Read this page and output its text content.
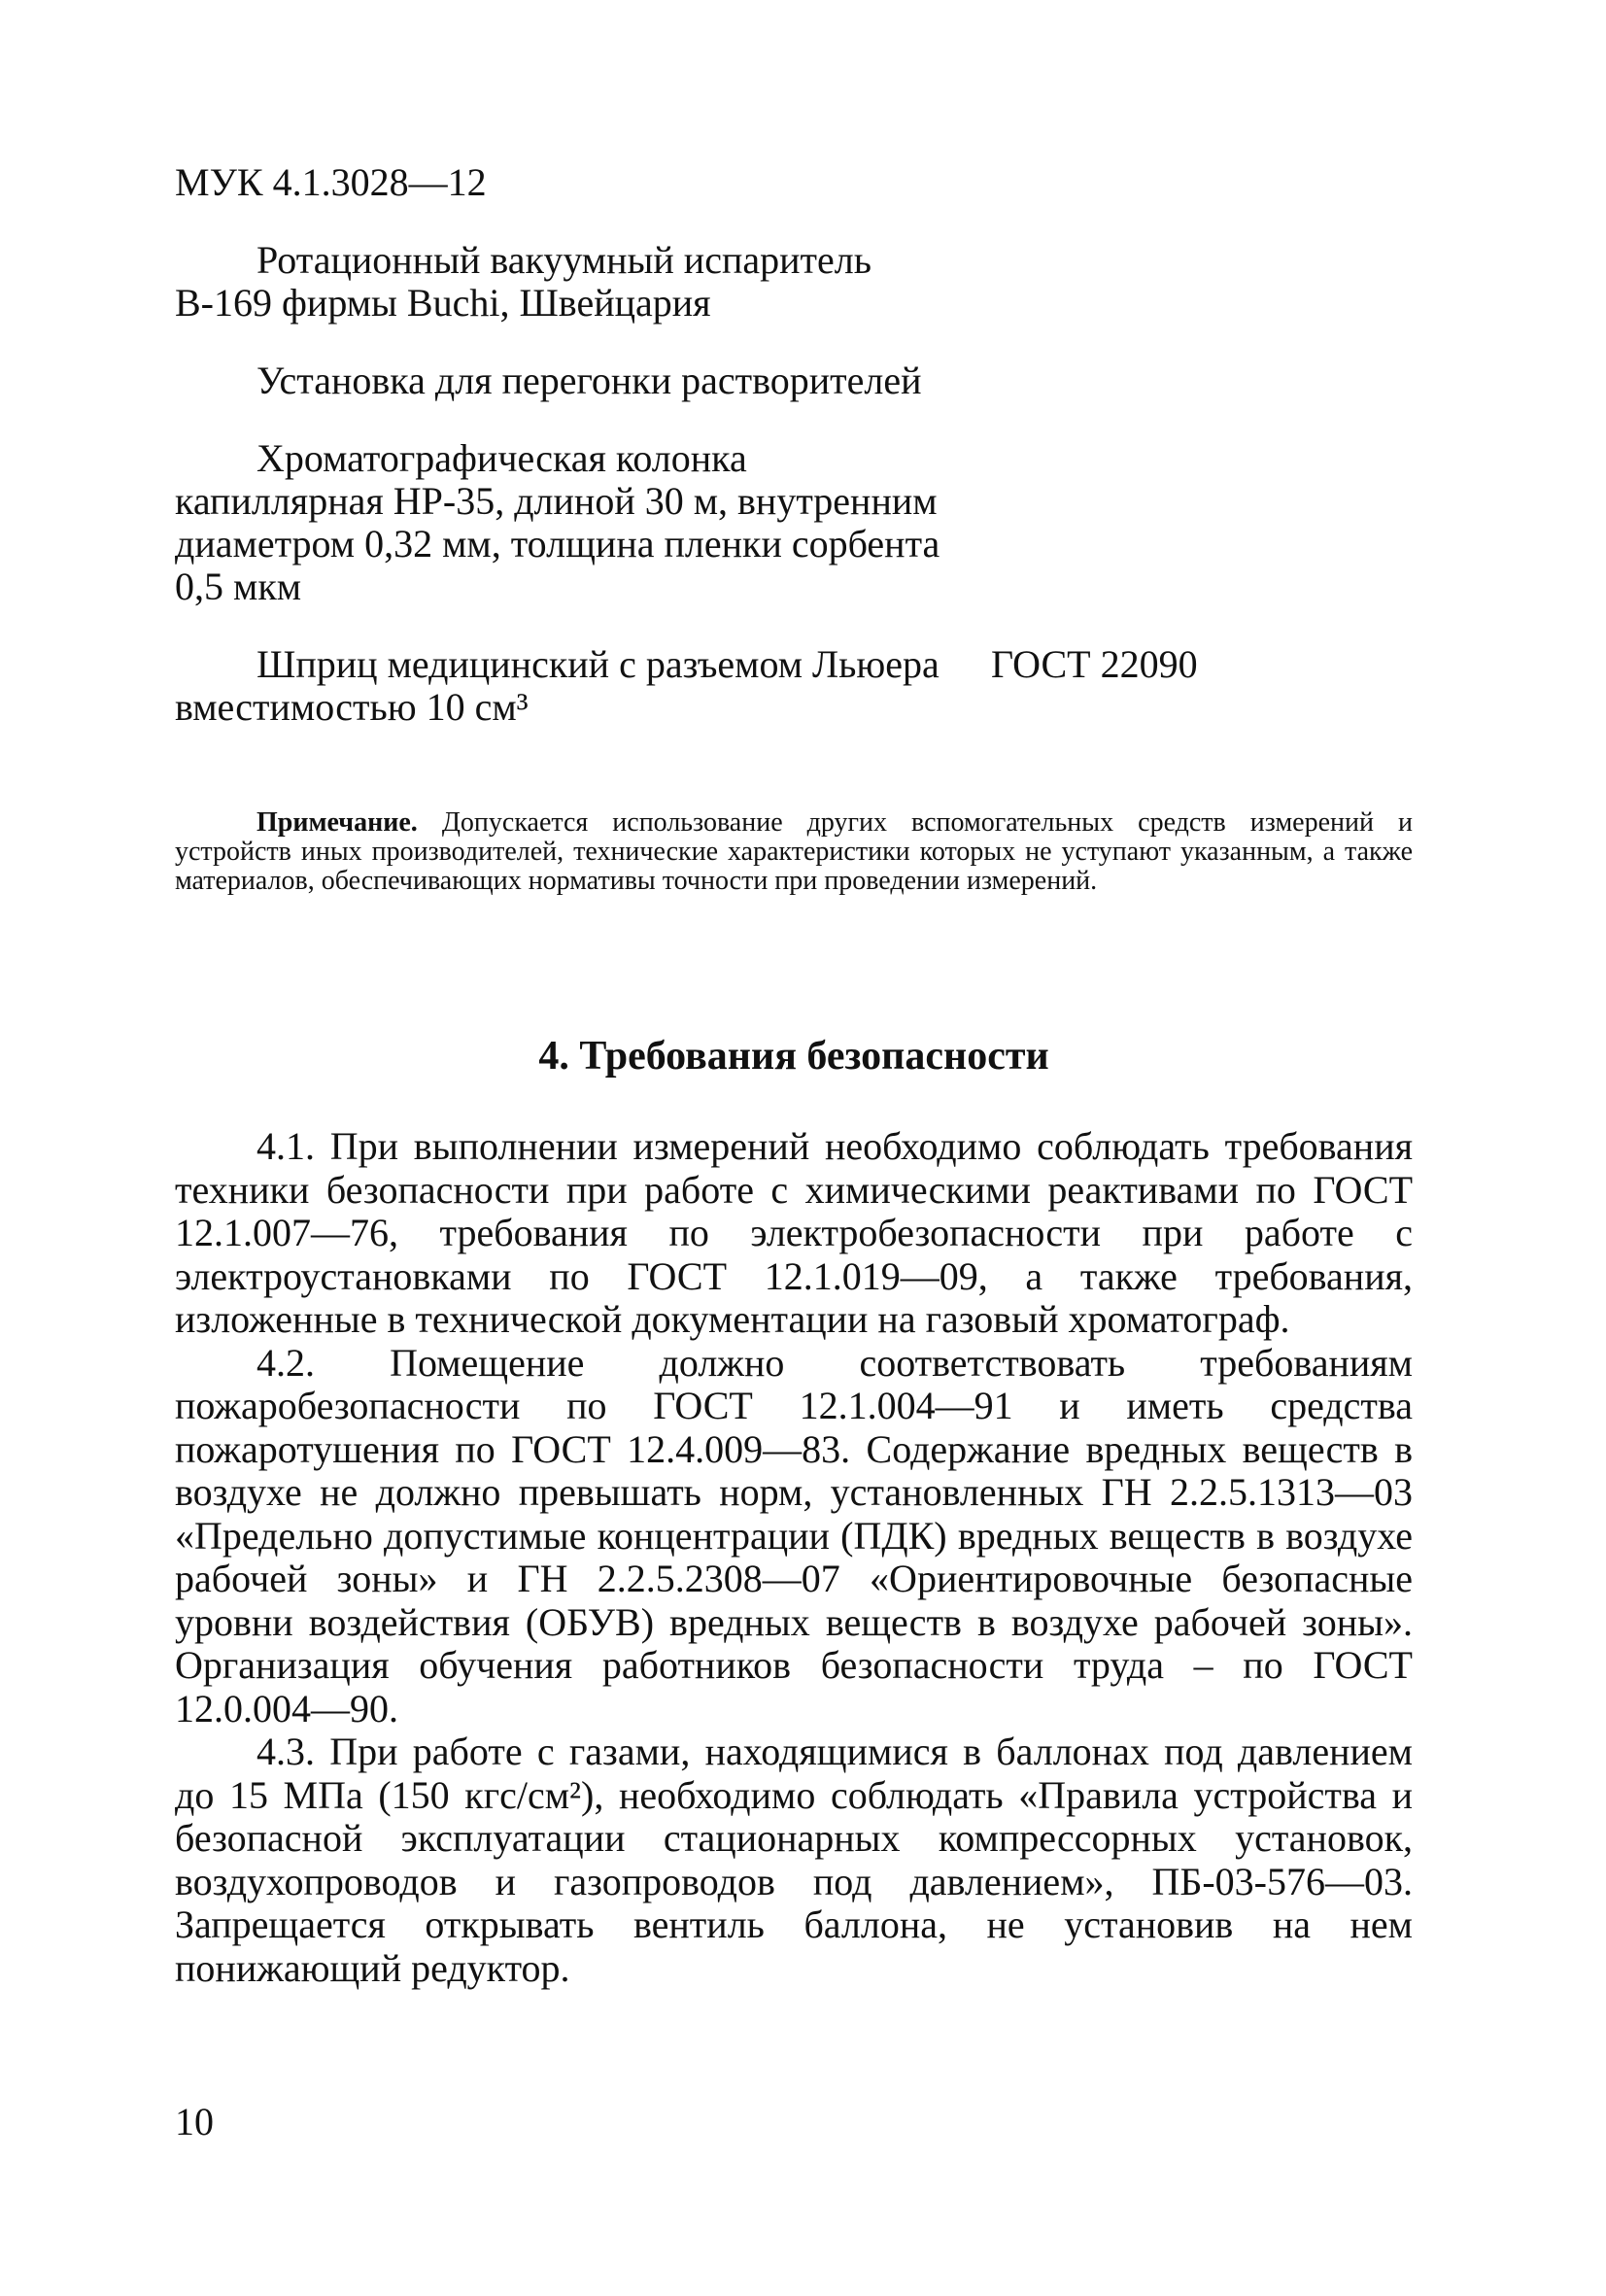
МУК 4.1.3028—12
Ротационный вакуумный испаритель В-169 фирмы Buchi, Швейцария
Установка для перегонки растворителей
Хроматографическая колонка капиллярная НР-35, длиной 30 м, внутренним диаметром 0,32 мм, толщина пленки сорбента 0,5 мкм
Шприц медицинский с разъемом Льюера вместимостью 10 см³
ГОСТ 22090
Примечание. Допускается использование других вспомогательных средств измерений и устройств иных производителей, технические характеристики которых не уступают указанным, а также материалов, обеспечивающих нормативы точности при проведении измерений.
4. Требования безопасности

4.1. При выполнении измерений необходимо соблюдать требования техники безопасности при работе с химическими реактивами по ГОСТ 12.1.007—76, требования по электробезопасности при работе с электроустановками по ГОСТ 12.1.019—09, а также требования, изложенные в технической документации на газовый хроматограф.

4.2. Помещение должно соответствовать требованиям пожаробезопасности по ГОСТ 12.1.004—91 и иметь средства пожаротушения по ГОСТ 12.4.009—83. Содержание вредных веществ в воздухе не должно превышать норм, установленных ГН 2.2.5.1313—03 «Предельно допустимые концентрации (ПДК) вредных веществ в воздухе рабочей зоны» и ГН 2.2.5.2308—07 «Ориентировочные безопасные уровни воздействия (ОБУВ) вредных веществ в воздухе рабочей зоны». Организация обучения работников безопасности труда – по ГОСТ 12.0.004—90.

4.3. При работе с газами, находящимися в баллонах под давлением до 15 МПа (150 кгс/см²), необходимо соблюдать «Правила устройства и безопасной эксплуатации стационарных компрессорных установок, воздухопроводов и газопроводов под давлением», ПБ-03-576—03. Запрещается открывать вентиль баллона, не установив на нем понижающий редуктор.

10
